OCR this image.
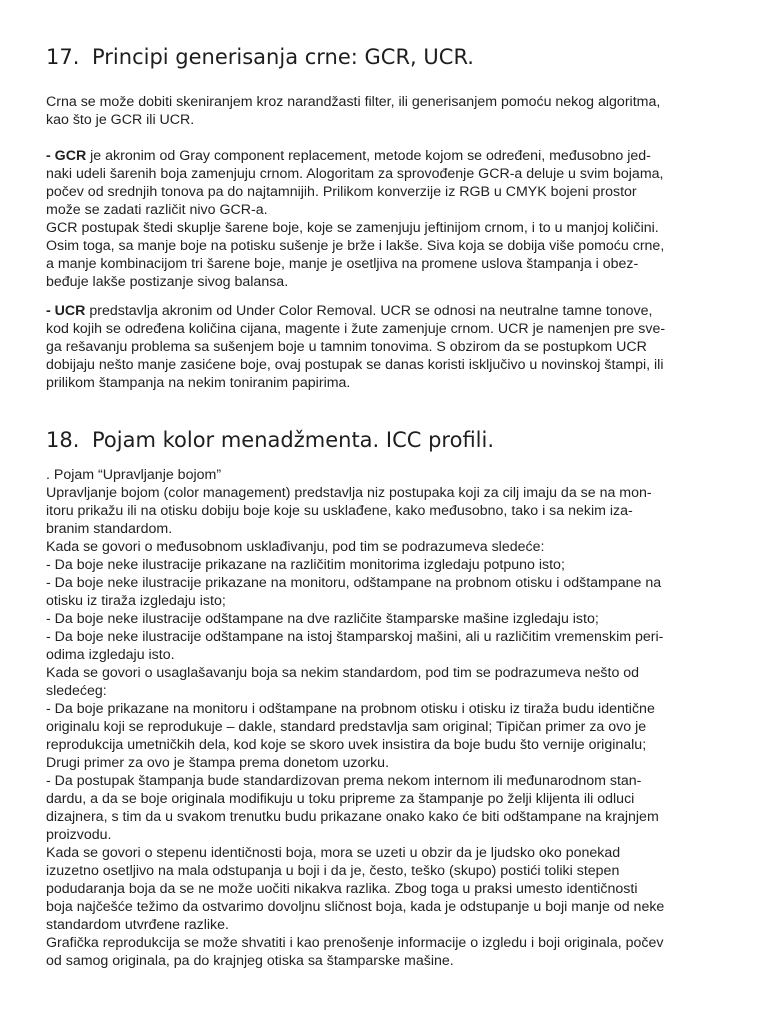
17. Principi generisanja crne: GCR, UCR.

Crna se može dobiti skeniranjem kroz narandžasti filter, ili generisanjem pomoću nekog algoritma,
kao što je GCR ili UCR.

- GCR je akronim od Gray component replacement, metode kojom se određeni, međusobno jed-
naki udeli šarenih boja zamenjuju crnom. Alogoritam za sprovođenje GCR-a deluje u svim bojama,
počev od srednjih tonova pa do najtamnijih. Prilikom konverzije iz RGB u CMYK bojeni prostor
može se zadati različit nivo GCR-a.
GCR postupak štedi skuplje šarene boje, koje se zamenjuju jeftinijom crnom, i to u manjoj količini.
Osim toga, sa manje boje na potisku sušenje je brže i lakše. Siva koja se dobija više pomoću crne,
a manje kombinacijom tri šarene boje, manje je osetljiva na promene uslova štampanja i obez-
beđuje lakše postizanje sivog balansa.

- UCR predstavlja akronim od Under Color Removal. UCR se odnosi na neutralne tamne tonove,
kod kojih se određena količina cijana, magente i žute zamenjuje crnom. UCR je namenjen pre sve-
ga rešavanju problema sa sušenjem boje u tamnim tonovima. S obzirom da se postupkom UCR
dobijaju nešto manje zasićene boje, ovaj postupak se danas koristi isključivo u novinskoj štampi, ili
prilikom štampanja na nekim toniranim papirima.

18. Pojam kolor menadžmenta. ICC profili.

. Pojam “Upravljanje bojom”
Upravljanje bojom (color management) predstavlja niz postupaka koji za cilj imaju da se na mon-
itoru prikažu ili na otisku dobiju boje koje su usklađene, kako međusobno, tako i sa nekim iza-
branim standardom.
Kada se govori o međusobnom usklađivanju, pod tim se podrazumeva sledeće:
- Da boje neke ilustracije prikazane na različitim monitorima izgledaju potpuno isto;
- Da boje neke ilustracije prikazane na monitoru, odštampane na probnom otisku i odštampane na
otisku iz tiraža izgledaju isto;
- Da boje neke ilustracije odštampane na dve različite štamparske mašine izgledaju isto;
- Da boje neke ilustracije odštampane na istoj štamparskoj mašini, ali u različitim vremenskim peri-
odima izgledaju isto.
Kada se govori o usaglašavanju boja sa nekim standardom, pod tim se podrazumeva nešto od
sledećeg:
- Da boje prikazane na monitoru i odštampane na probnom otisku i otisku iz tiraža budu identične
originalu koji se reprodukuje – dakle, standard predstavlja sam original; Tipičan primer za ovo je
reprodukcija umetničkih dela, kod koje se skoro uvek insistira da boje budu što vernije originalu;
Drugi primer za ovo je štampa prema donetom uzorku.
- Da postupak štampanja bude standardizovan prema nekom internom ili međunarodnom stan-
dardu, a da se boje originala modifikuju u toku pripreme za štampanje po želji klijenta ili odluci
dizajnera, s tim da u svakom trenutku budu prikazane onako kako će biti odštampane na krajnjem
proizvodu.
Kada se govori o stepenu identičnosti boja, mora se uzeti u obzir da je ljudsko oko ponekad
izuzetno osetljivo na mala odstupanja u boji i da je, često, teško (skupo) postići toliki stepen
podudaranja boja da se ne može uočiti nikakva razlika. Zbog toga u praksi umesto identičnosti
boja najčešće težimo da ostvarimo dovoljnu sličnost boja, kada je odstupanje u boji manje od neke
standardom utvrđene razlike.
Grafička reprodukcija se može shvatiti i kao prenošenje informacije o izgledu i boji originala, počev
od samog originala, pa do krajnjeg otiska sa štamparske mašine.
